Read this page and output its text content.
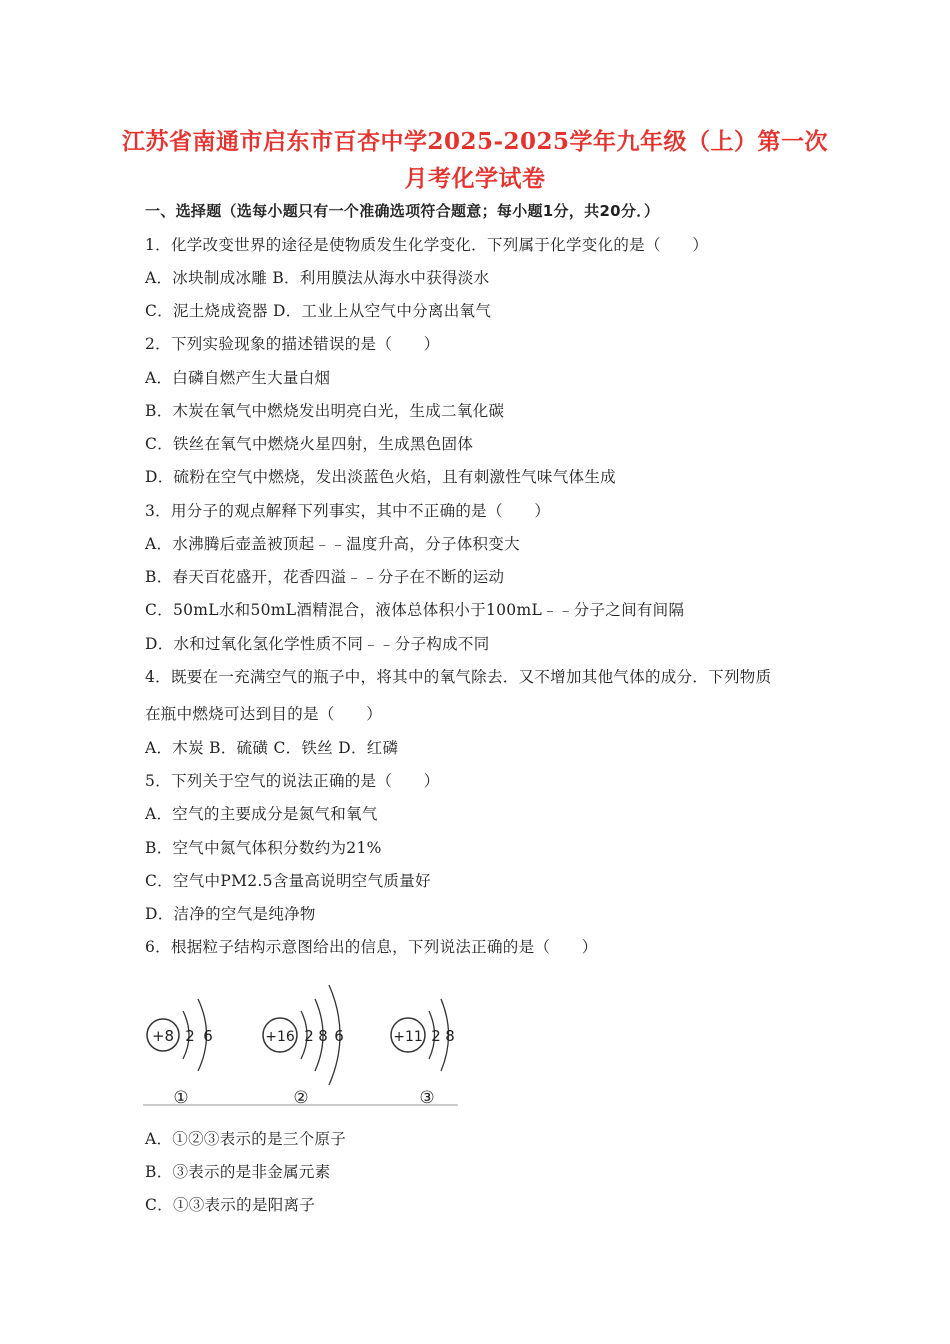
江苏省南通市启东市百杏中学2025-2025学年九年级（上）第一次
月考化学试卷
一、选择题（选每小题只有一个准确选项符合题意；每小题1分，共20分．）
1．化学改变世界的途径是使物质发生化学变化．下列属于化学变化的是（　　）
A．冰块制成冰雕 B．利用膜法从海水中获得淡水
C．泥土烧成瓷器 D．工业上从空气中分离出氧气
2．下列实验现象的描述错误的是（　　）
A．白磷自燃产生大量白烟
B．木炭在氧气中燃烧发出明亮白光，生成二氧化碳
C．铁丝在氧气中燃烧火星四射，生成黑色固体
D．硫粉在空气中燃烧，发出淡蓝色火焰，且有刺激性气味气体生成
3．用分子的观点解释下列事实，其中不正确的是（　　）
A．水沸腾后壶盖被顶起﹣﹣温度升高，分子体积变大
B．春天百花盛开，花香四溢﹣﹣分子在不断的运动
C．50mL水和50mL酒精混合，液体总体积小于100mL﹣﹣分子之间有间隔
D．水和过氧化氢化学性质不同﹣﹣分子构成不同
4．既要在一充满空气的瓶子中，将其中的氧气除去．又不增加其他气体的成分．下列物质
在瓶中燃烧可达到目的是（　　）
A．木炭 B．硫磺 C．铁丝 D．红磷
5．下列关于空气的说法正确的是（　　）
A．空气的主要成分是氮气和氧气
B．空气中氮气体积分数约为21%
C．空气中PM2.5含量高说明空气质量好
D．洁净的空气是纯净物
6．根据粒子结构示意图给出的信息，下列说法正确的是（　　）
+8 2 6
①
+16 2 8 6
②
+11 2 8
③
A．①②③表示的是三个原子
B．③表示的是非金属元素
C．①③表示的是阳离子
